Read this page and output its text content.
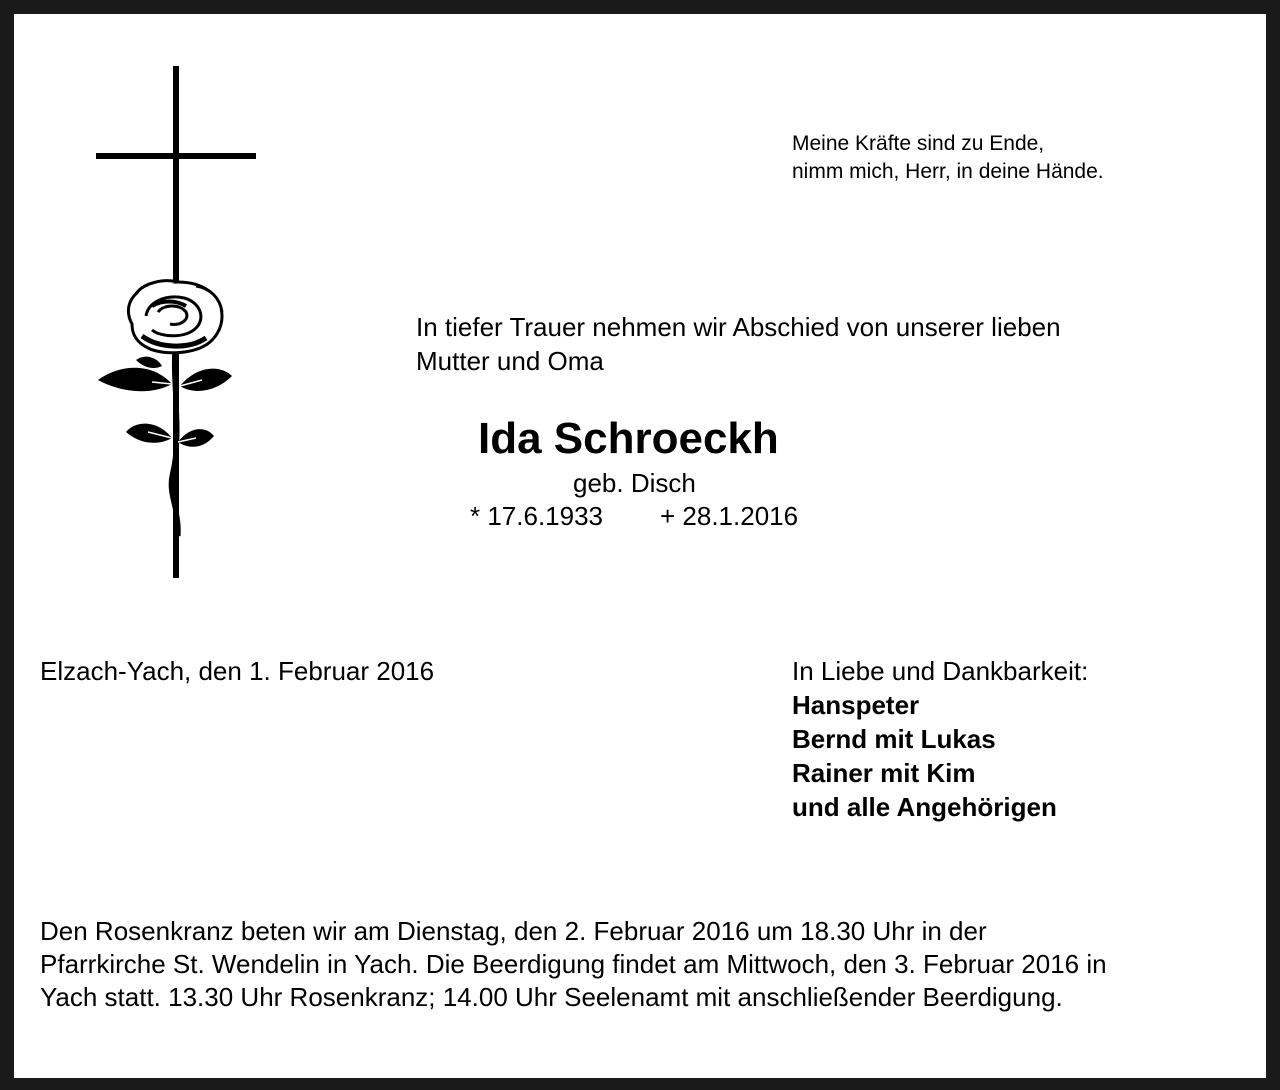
Meine Kräfte sind zu Ende,
nimm mich, Herr, in deine Hände.
In tiefer Trauer nehmen wir Abschied von unserer lieben
Mutter und Oma
Ida Schroeckh
geb. Disch
* 17.6.1933 + 28.1.2016
Elzach-Yach, den 1. Februar 2016	In Liebe und Dankbarkeit:
Hanspeter
Bernd mit Lukas
Rainer mit Kim
und alle Angehörigen
Den Rosenkranz beten wir am Dienstag, den 2. Februar 2016 um 18.30 Uhr in der
Pfarrkirche St. Wendelin in Yach. Die Beerdigung findet am Mittwoch, den 3. Februar 2016 in
Yach statt. 13.30 Uhr Rosenkranz; 14.00 Uhr Seelenamt mit anschließender Beerdigung.
